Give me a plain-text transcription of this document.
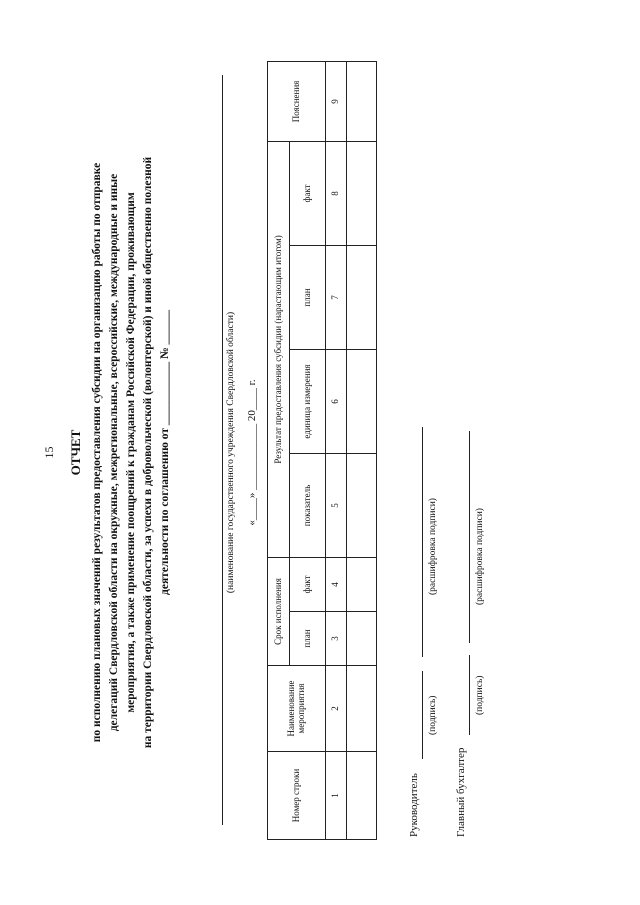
15 ОТЧЕТ по исполнению плановых значений результатов предоставления субсидии на организацию работы по отправке делегаций Свердловской области на окружные, межрегиональные, всероссийские, международные и иные мероприятия, а также применение поощрений к гражданам Российской Федерации, проживающим на территории Свердловской области, за успехи в добровольческой (волонтерской) и иной общественно полезной деятельности по соглашению от ___________ № ______	(наименование государственного учреждения Свердловской области) «____» ____________ 20____ г.
Номер строки	Наименование мероприятия	Срок исполнения		Результат предоставления субсидии (нарастающим итогом)				Пояснения
		план	факт	показатель	единица измерения	план	факт	
1	2	3	4	5	6	7	8	9

Руководитель
(подпись)
(расшифровка подписи)
Главный бухгалтер
(подпись)
(расшифровка подписи)
